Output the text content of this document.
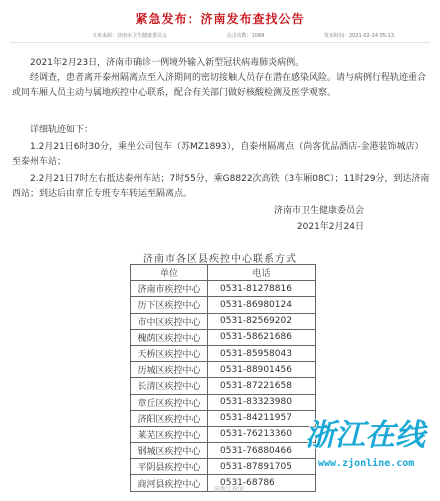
紧急发布：济南发布查找公告
文章来源：济南市卫生健康委员会	点击次数：1089	发布时间：2021-02-24 05:13

2021年2月23日，济南市确诊一例境外输入新型冠状病毒肺炎病例。

经调查，患者离开泰州隔离点至入济期间的密切接触人员存在潜在感染风险。请与病例行程轨迹重合或同车厢人员主动与属地疾控中心联系，配合有关部门做好核酸检测及医学观察。

详细轨迹如下：

1.2月21日6时30分，乘坐公司包车（苏MZ1893），自泰州隔离点（尚客优品酒店-金港装饰城店）至泰州车站；

2.2月21日7时左右抵达泰州车站；7时55分，乘G8822次高铁（3车厢08C）；11时29分，到达济南西站；到达后由章丘专班专车转运至隔离点。

济南市卫生健康委员会
2021年2月24日
济南市各区县疾控中心联系方式
单位	电话
济南市疾控中心	0531-81278816
历下区疾控中心	0531-86980124
市中区疾控中心	0531-82569202
槐荫区疾控中心	0531-58621686
天桥区疾控中心	0531-85958043
历城区疾控中心	0531-88901456
长清区疾控中心	0531-87221658
章丘区疾控中心	0531-83323980
济阳区疾控中心	0531-84211957
莱芜区疾控中心	0531-76213360
钢城区疾控中心	0531-76880466
平阴县疾控中心	0531-87891705
商河县疾控中心	0531-68786
浙江在线
www.zjonline.com
@浙江新闻
